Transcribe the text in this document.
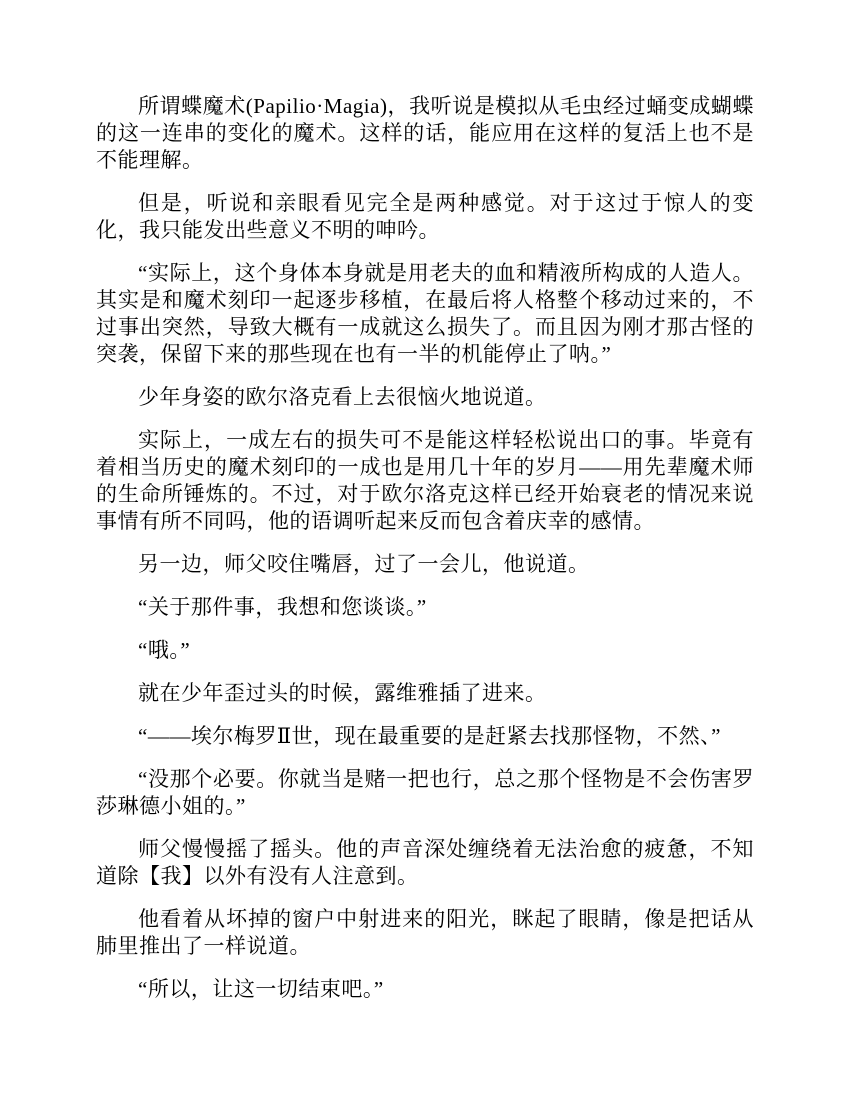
所谓蝶魔术(Papilio·Magia)，我听说是模拟从毛虫经过蛹变成蝴蝶的这一连串的变化的魔术。这样的话，能应用在这样的复活上也不是不能理解。

但是，听说和亲眼看见完全是两种感觉。对于这过于惊人的变化，我只能发出些意义不明的呻吟。

“实际上，这个身体本身就是用老夫的血和精液所构成的人造人。其实是和魔术刻印一起逐步移植，在最后将人格整个移动过来的，不过事出突然，导致大概有一成就这么损失了。而且因为刚才那古怪的突袭，保留下来的那些现在也有一半的机能停止了呐。”

少年身姿的欧尔洛克看上去很恼火地说道。

实际上，一成左右的损失可不是能这样轻松说出口的事。毕竟有着相当历史的魔术刻印的一成也是用几十年的岁月——用先辈魔术师的生命所锤炼的。不过，对于欧尔洛克这样已经开始衰老的情况来说事情有所不同吗，他的语调听起来反而包含着庆幸的感情。

另一边，师父咬住嘴唇，过了一会儿，他说道。

“关于那件事，我想和您谈谈。”

“哦。”

就在少年歪过头的时候，露维雅插了进来。

“——埃尔梅罗Ⅱ世，现在最重要的是赶紧去找那怪物，不然、”

“没那个必要。你就当是赌一把也行，总之那个怪物是不会伤害罗莎琳德小姐的。”

师父慢慢摇了摇头。他的声音深处缠绕着无法治愈的疲惫，不知道除【我】以外有没有人注意到。

他看着从坏掉的窗户中射进来的阳光，眯起了眼睛，像是把话从肺里推出了一样说道。

“所以，让这一切结束吧。”
